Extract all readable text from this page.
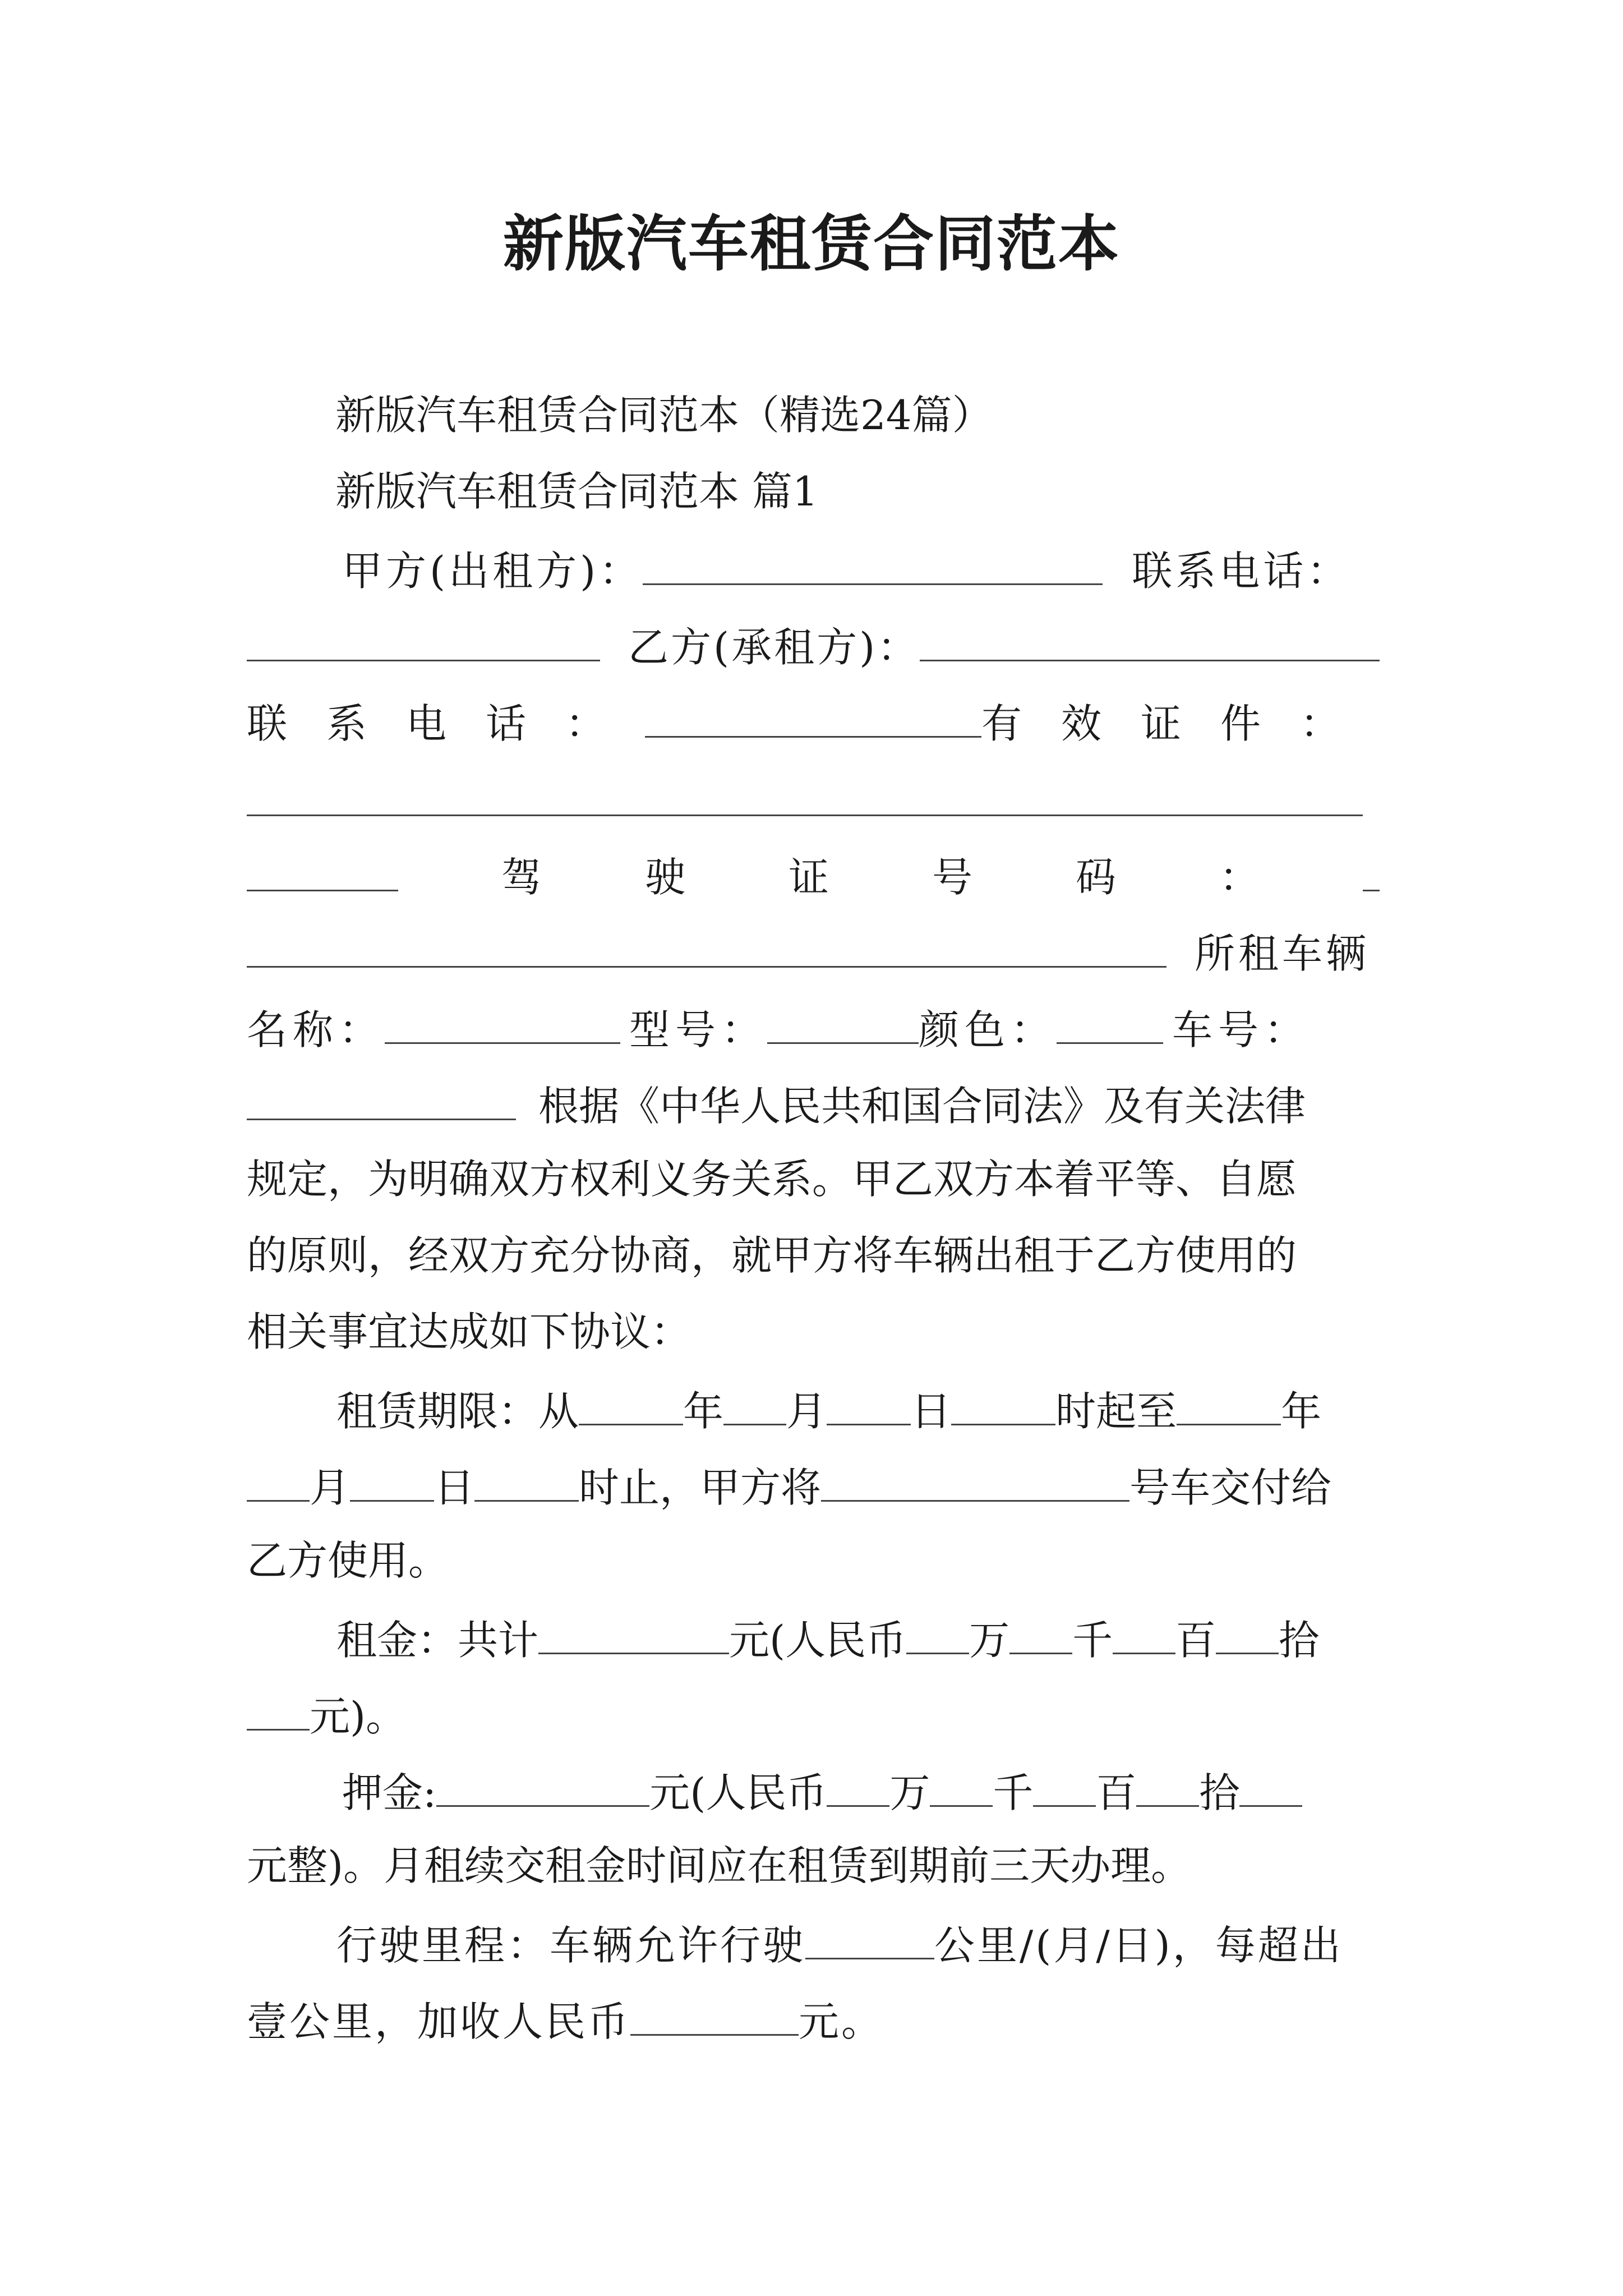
新版汽车租赁合同范本
新版汽车租赁合同范本（精选24篇）
新版汽车租赁合同范本 篇1
甲方(出租方)：	联系电话：
乙方(承租方)：
联系电话：	有效证件：
驾	驶	证	号	码	：
所租车辆
名称：	型号：	颜色：	车号：
根据《中华人民共和国合同法》及有关法律
规定，为明确双方权利义务关系。甲乙双方本着平等、自愿
的原则，经双方充分协商，就甲方将车辆出租于乙方使用的
相关事宜达成如下协议：
租赁期限：从	年 月 日	时起至	年
月 日	时止，甲方将	号车交付给
乙方使用。
租金：共计	元(人民币 万 千 百 拾
元)。
押金:	元(人民币 万 千 百 拾
元整)。月租续交租金时间应在租赁到期前三天办理。
行驶里程：车辆允许行驶	公里/(月/日)，每超出
壹公里，加收人民币	元。
